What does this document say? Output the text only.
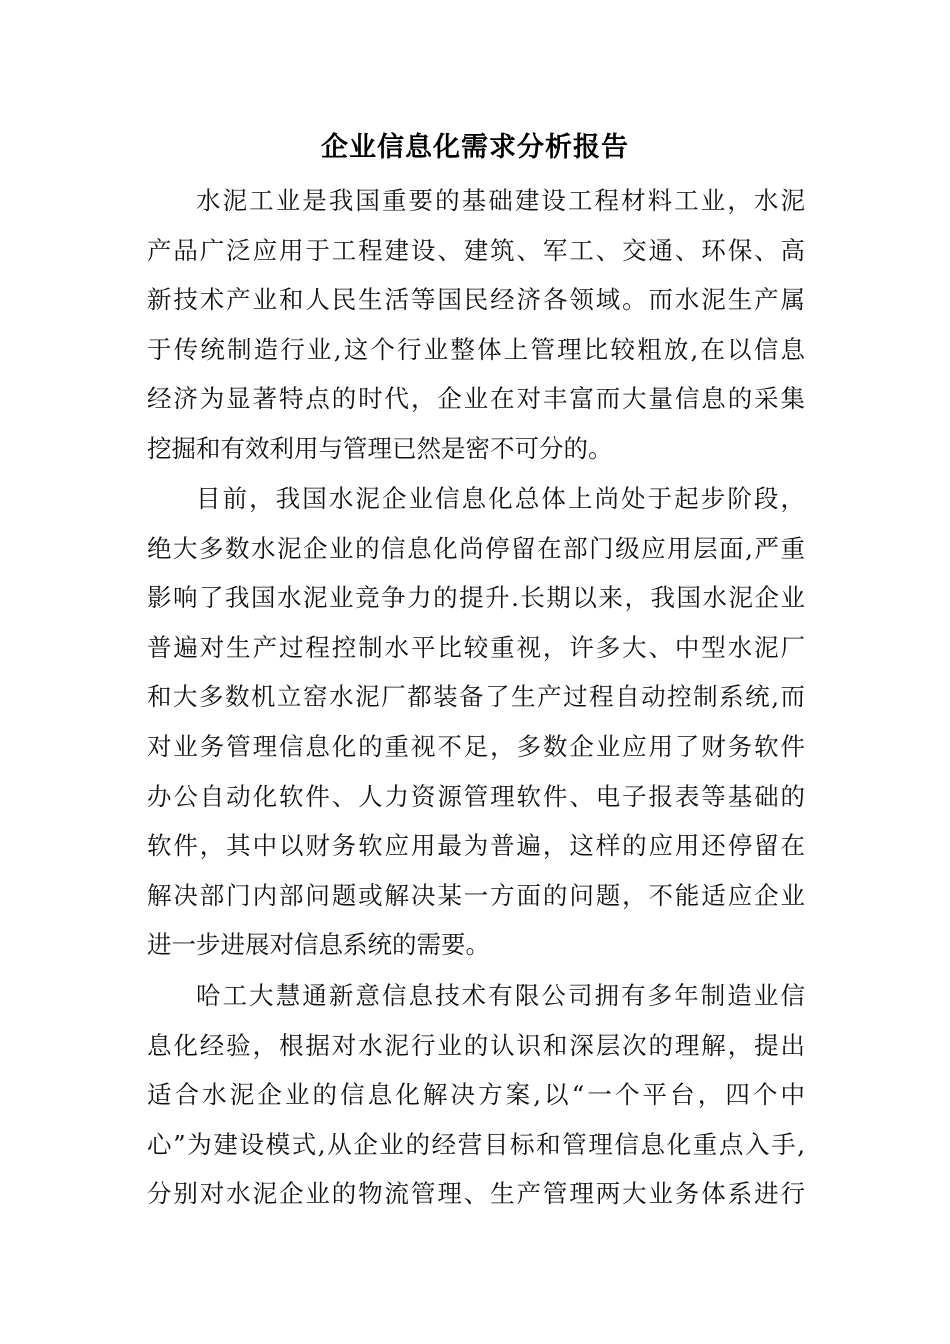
企业信息化需求分析报告
水泥工业是我国重要的基础建设工程材料工业，水泥
产品广泛应用于工程建设、建筑、军工、交通、环保、高
新技术产业和人民生活等国民经济各领域。而水泥生产属
于传统制造行业,这个行业整体上管理比较粗放,在以信息
经济为显著特点的时代，企业在对丰富而大量信息的采集
挖掘和有效利用与管理已然是密不可分的。
目前，我国水泥企业信息化总体上尚处于起步阶段，
绝大多数水泥企业的信息化尚停留在部门级应用层面,严重
影响了我国水泥业竞争力的提升.长期以来，我国水泥企业
普遍对生产过程控制水平比较重视，许多大、中型水泥厂
和大多数机立窑水泥厂都装备了生产过程自动控制系统,而
对业务管理信息化的重视不足，多数企业应用了财务软件
办公自动化软件、人力资源管理软件、电子报表等基础的
软件，其中以财务软应用最为普遍，这样的应用还停留在
解决部门内部问题或解决某一方面的问题，不能适应企业
进一步进展对信息系统的需要。
哈工大慧通新意信息技术有限公司拥有多年制造业信
息化经验，根据对水泥行业的认识和深层次的理解，提出
适合水泥企业的信息化解决方案,以“一个平台，四个中
心”为建设模式,从企业的经营目标和管理信息化重点入手,
分别对水泥企业的物流管理、生产管理两大业务体系进行
